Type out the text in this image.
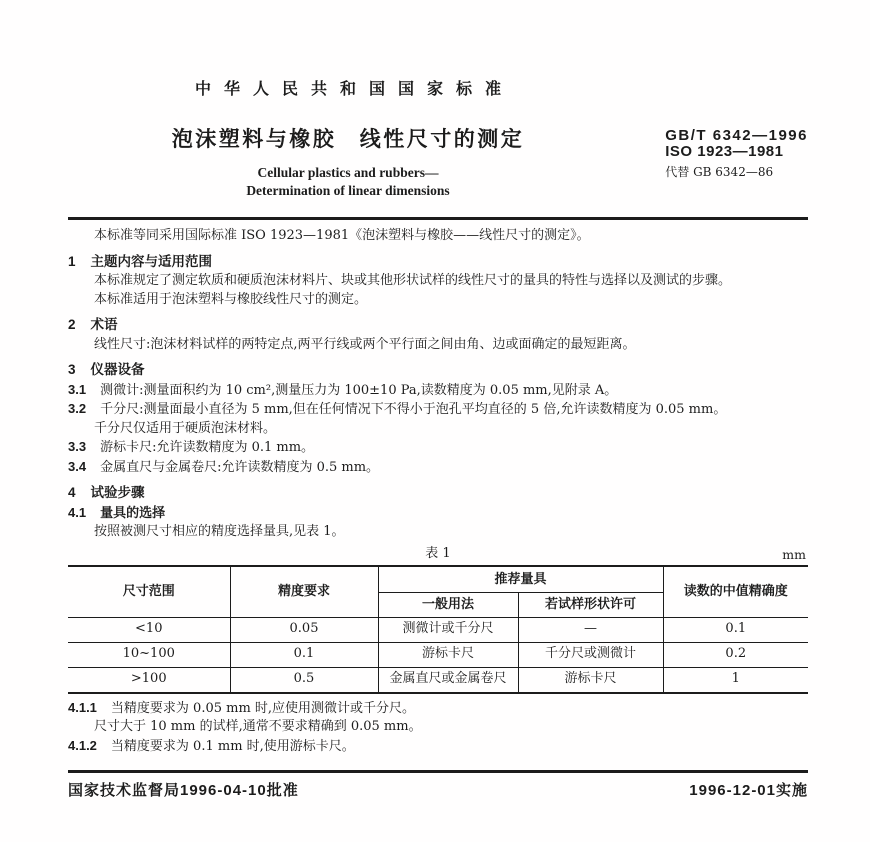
中华人民共和国国家标准
泡沫塑料与橡胶　线性尺寸的测定
Cellular plastics and rubbers—
Determination of linear dimensions
GB/T 6342—1996
ISO 1923—1981
代替 GB 6342—86

本标准等同采用国际标准 ISO 1923—1981《泡沫塑料与橡胶——线性尺寸的测定》。

1 主题内容与适用范围

本标准规定了测定软质和硬质泡沫材料片、块或其他形状试样的线性尺寸的量具的特性与选择以及测试的步骤。

本标准适用于泡沫塑料与橡胶线性尺寸的测定。

2 术语

线性尺寸:泡沫材料试样的两特定点,两平行线或两个平行面之间由角、边或面确定的最短距离。

3 仪器设备

3.1 测微计:测量面积约为 10 cm²,测量压力为 100±10 Pa,读数精度为 0.05 mm,见附录 A。

3.2 千分尺:测量面最小直径为 5 mm,但在任何情况下不得小于泡孔平均直径的 5 倍,允许读数精度为 0.05 mm。

千分尺仅适用于硬质泡沫材料。

3.3 游标卡尺:允许读数精度为 0.1 mm。

3.4 金属直尺与金属卷尺:允许读数精度为 0.5 mm。

4 试验步骤

4.1 量具的选择

按照被测尺寸相应的精度选择量具,见表 1。

表 1	mm
尺寸范围	精度要求	推荐量具		读数的中值精确度
		一般用法	若试样形状许可	
<10	0.05	测微计或千分尺	—	0.1
10~100	0.1	游标卡尺	千分尺或测微计	0.2
>100	0.5	金属直尺或金属卷尺	游标卡尺	1

4.1.1 当精度要求为 0.05 mm 时,应使用测微计或千分尺。

尺寸大于 10 mm 的试样,通常不要求精确到 0.05 mm。

4.1.2 当精度要求为 0.1 mm 时,使用游标卡尺。

国家技术监督局1996-04-10批准	1996-12-01实施
